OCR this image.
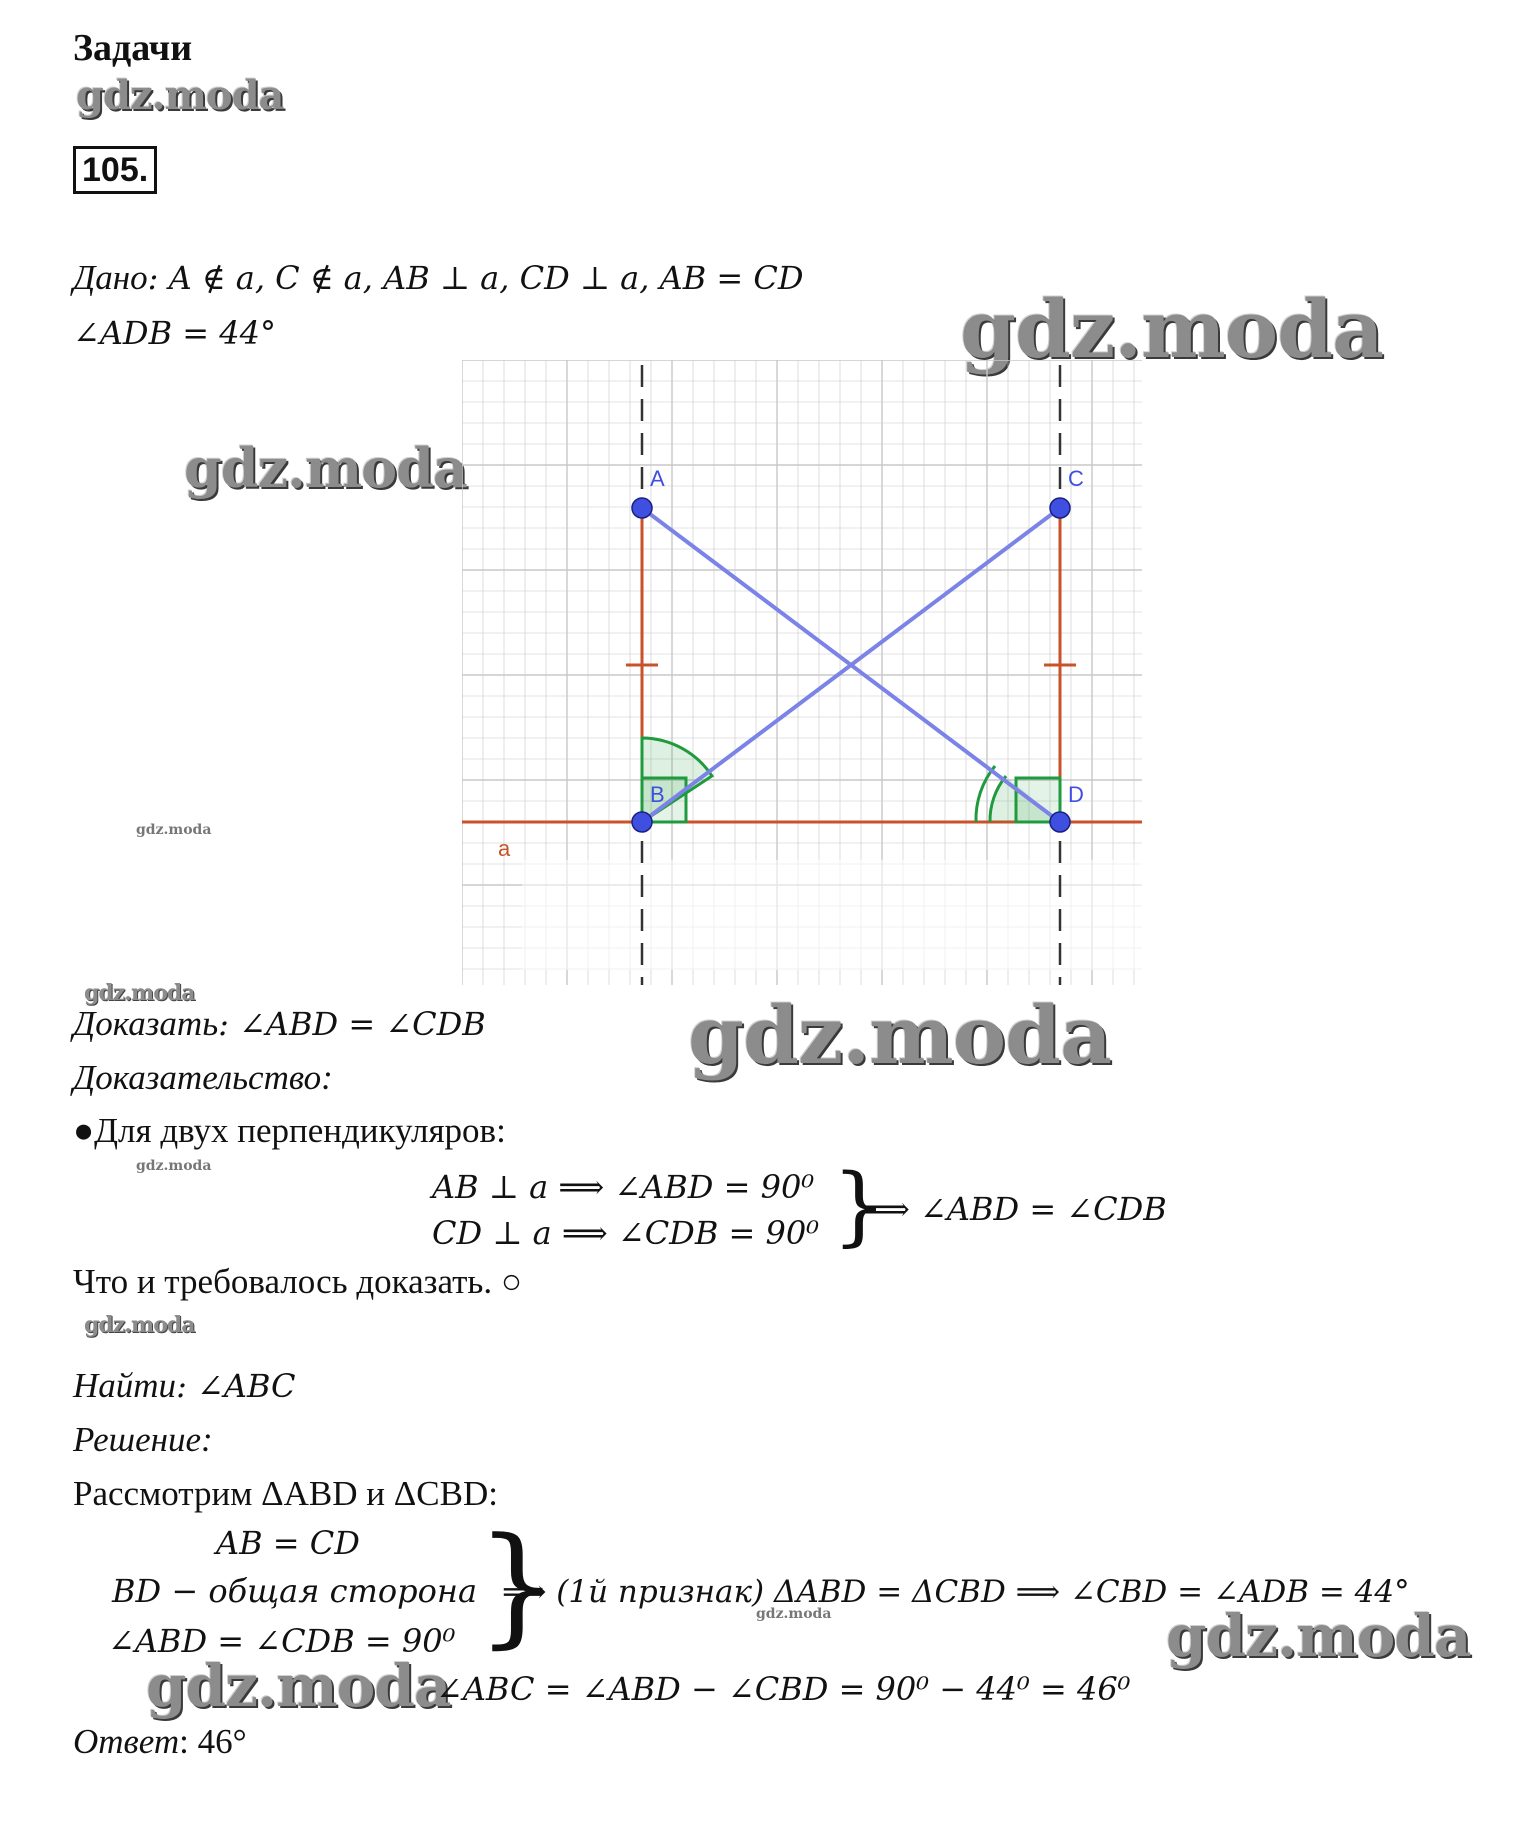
Задачи
gdz.moda
105.
Дано: A ∉ a, C ∉ a, AB ⊥ a, CD ⊥ a, AB = CD
∠ADB = 44°	gdz.moda
gdz.moda
gdz.moda
A	C
B	D
a
gdz.moda
Доказать: ∠ABD = ∠CDB	gdz.moda
Доказательство:
●Для двух перпендикуляров:
gdz.moda
AB ⊥ a ⟹ ∠ABD = 90⁰
CD ⊥ a ⟹ ∠CDB = 90⁰ }
⟹ ∠ABD = ∠CDB
Что и требовалось доказать. ○
gdz.moda
Найти: ∠ABC
Решение:
Рассмотрим ΔABD и ΔCBD:
AB = CD
BD − общая сторона
∠ABD = ∠CDB = 90⁰ }
⟹ (1й признак) ΔABD = ΔCBD ⟹ ∠CBD = ∠ADB = 44°
gdz.moda	gdz.moda
gdz.moda
∠ABC = ∠ABD − ∠CBD = 90⁰ − 44⁰ = 46⁰
Ответ: 46°
